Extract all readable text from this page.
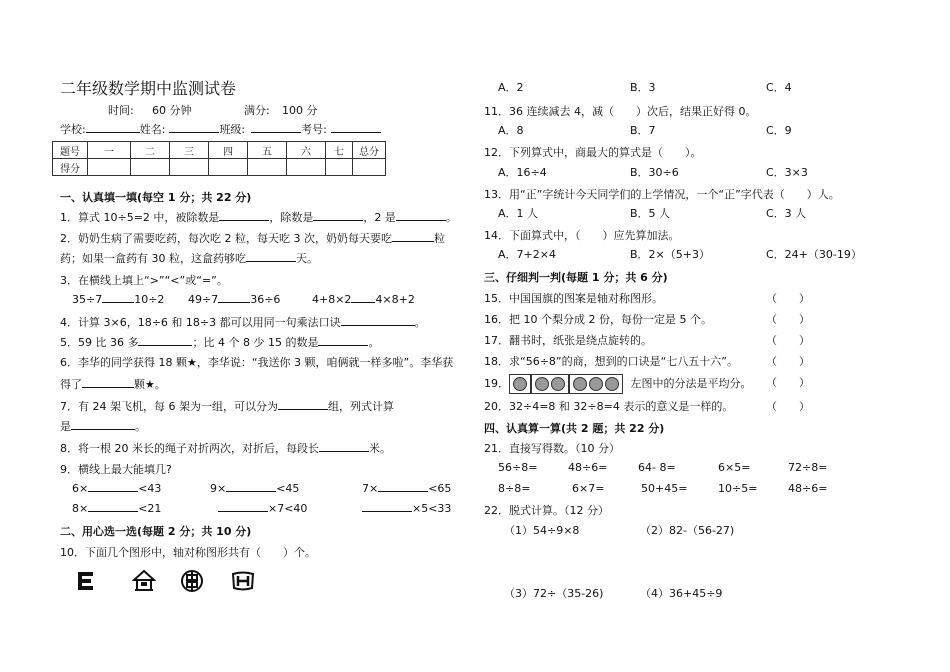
二年级数学期中监测试卷
时间: 60 分钟	满分: 100 分
学校:	姓名:	班级:	考号:
题号	一	二	三	四	五	六	七	总分
得分								
一、认真填一填(每空 1 分；共 22 分)
1．算式 10÷5=2 中，被除数是	，除数是	，2 是	。
2．奶奶生病了需要吃药，每次吃 2 粒，每天吃 3 次，奶奶每天要吃	粒
药；如果一盒药有 30 粒，这盒药够吃	天。
3．在横线上填上“>”“<”或“=”。
35÷7	10÷2 49÷7	36÷6	4+8×2 4×8+2
4．计算 3×6，18÷6 和 18÷3 都可以用同一句乘法口诀	。
5．59 比 36 多	；比 4 个 8 少 15 的数是	。
6．李华的同学获得 18 颗★，李华说：“我送你 3 颗，咱俩就一样多啦”。李华获
得了	颗★。
7．有 24 架飞机，每 6 架为一组，可以分为	组，列式计算
是	。
8．将一根 20 米长的绳子对折两次，对折后，每段长	米。
9．横线上最大能填几?
6×	<43	9×	<45	7×	<65
8×	<21	×7<40	×5<33
二、用心选一选(每题 2 分；共 10 分)
10．下面几个图形中，轴对称图形共有（　　）个。
A．2	B．3	C．4
11．36 连续减去 4，减（　　）次后，结果正好得 0。
A．8	B．7	C．9
12．下列算式中，商最大的算式是（　　）。
A．16÷4	B．30÷6	C．3×3
13．用“正”字统计今天同学们的上学情况，一个“正”字代表（　　）人。
A．1 人	B．5 人	C．3 人
14．下面算式中，（　　）应先算加法。
A．7+2×4	B．2×（5+3）	C．24+（30-19）
三、仔细判一判(每题 1 分；共 6 分)
15．中国国旗的图案是轴对称图形。	（　　）
16．把 10 个梨分成 2 份，每份一定是 5 个。	（　　）
17．翻书时，纸张是绕点旋转的。	（　　）
18．求“56÷8”的商，想到的口诀是“七八五十六”。	（　　）
19．	左图中的分法是平均分。 （　　）
20．32÷4=8 和 32÷8=4 表示的意义是一样的。	（　　）
四、认真算一算(共 2 题；共 22 分)
21．直接写得数。（10 分）
56÷8=	48÷6=	64- 8=	6×5=	72÷8=
8÷8=	6×7=	50+45=	10÷5=	48÷6=
22．脱式计算。（12 分）
（1）54÷9×8	（2）82-（56-27)
（3）72÷（35-26)	（4）36+45÷9
